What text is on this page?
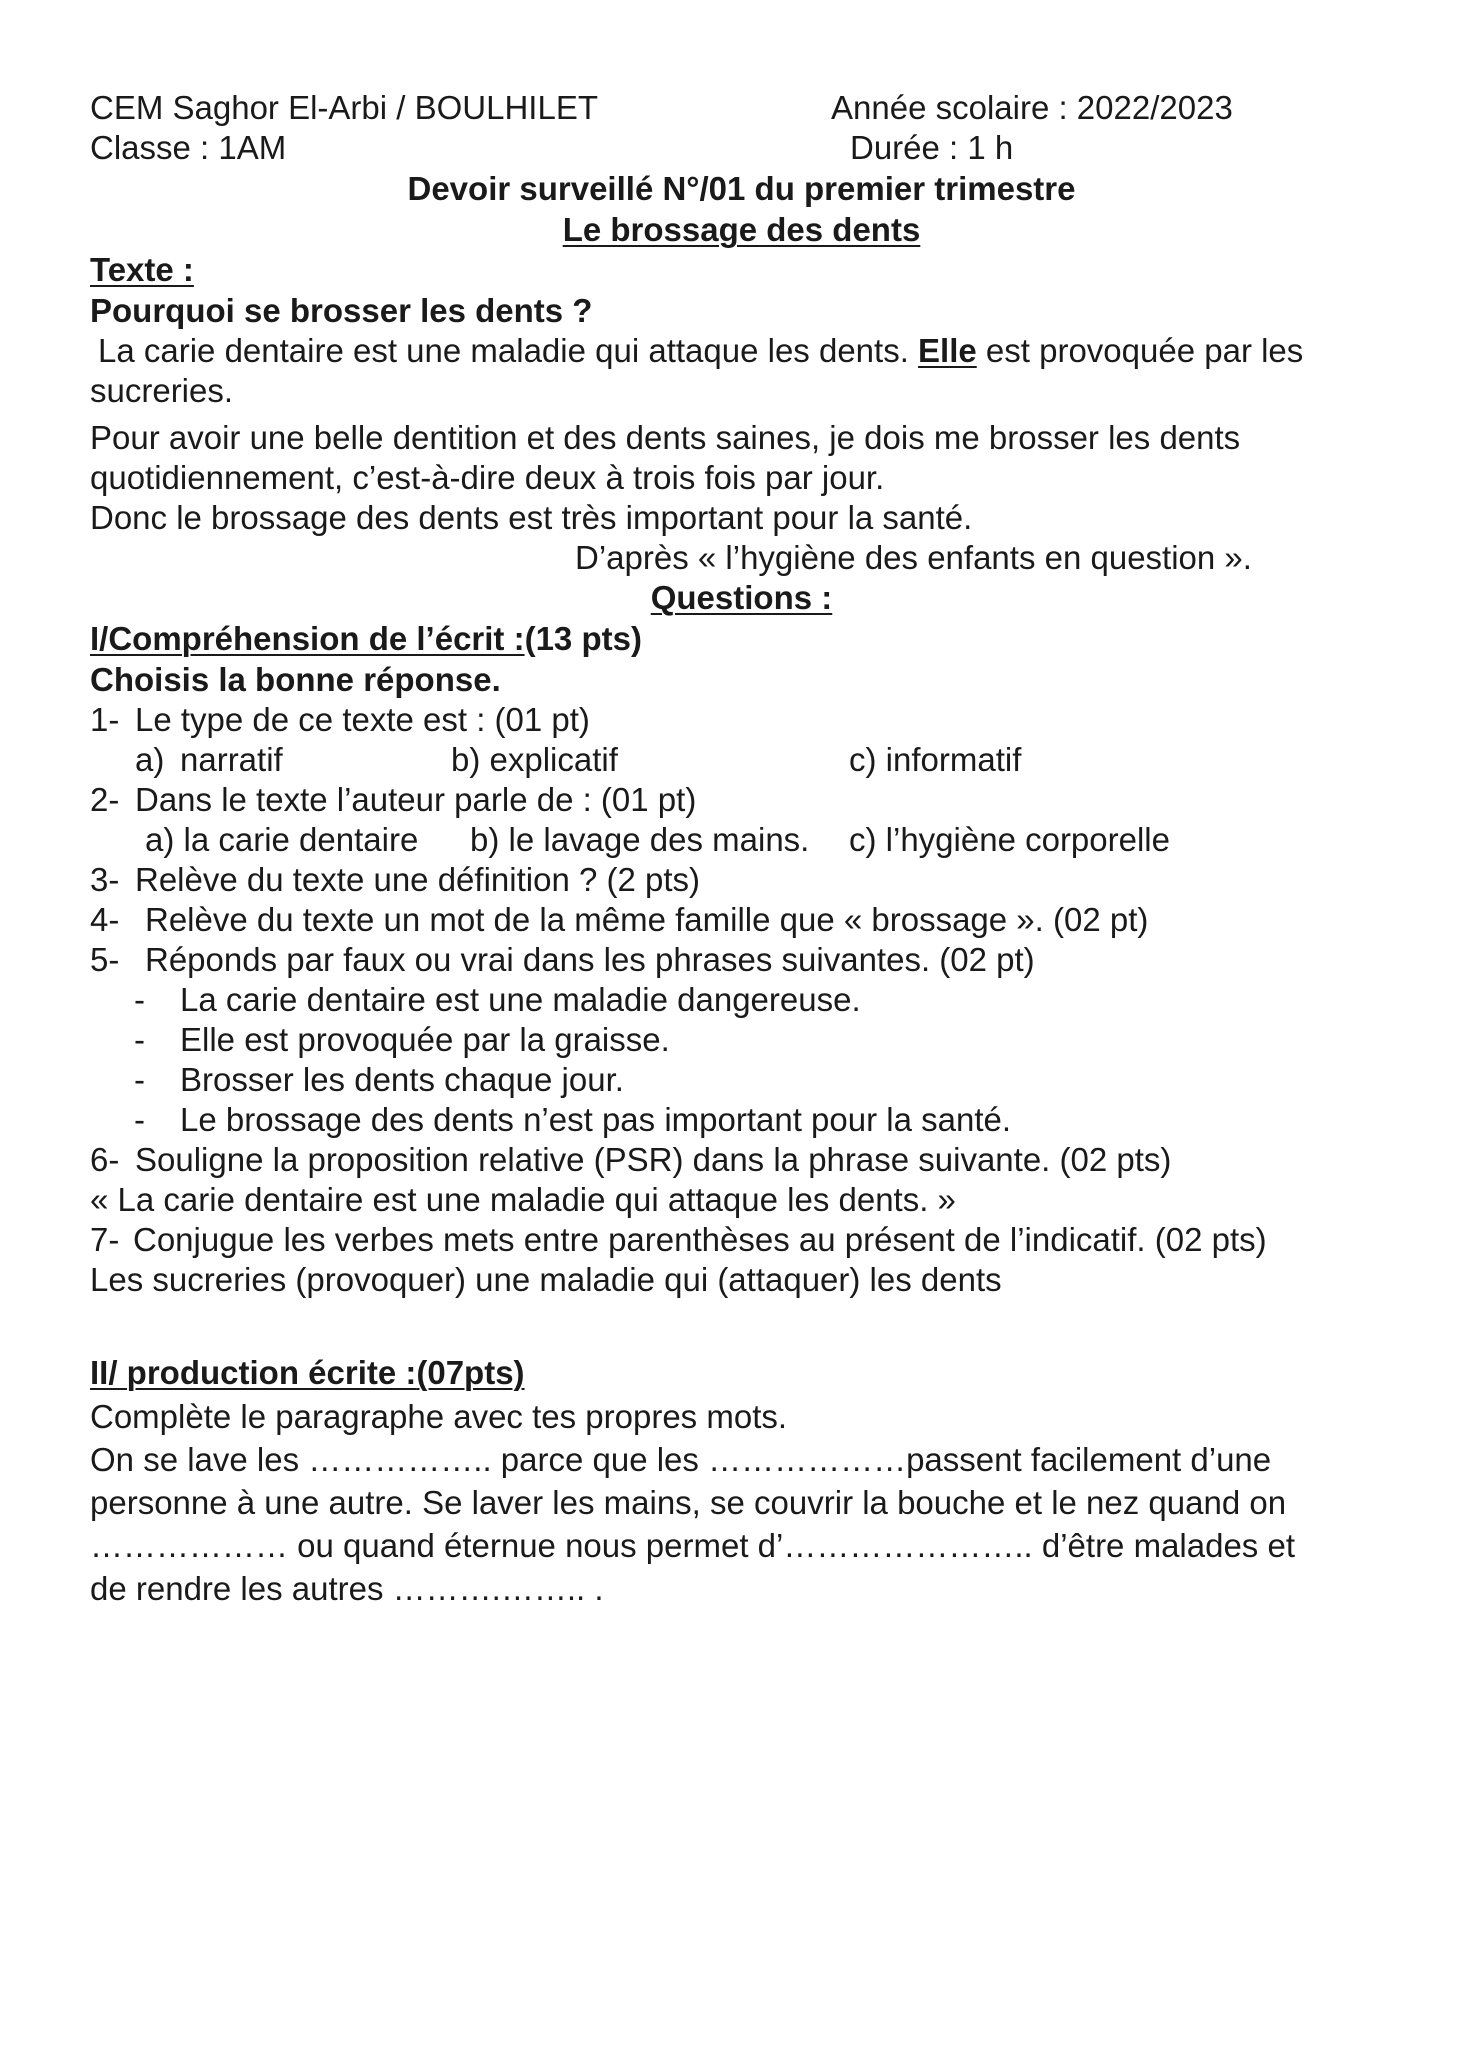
CEM Saghor El-Arbi / BOULHILET	Année scolaire : 2022/2023
Classe : 1AM	Durée : 1 h
Devoir surveillé N°/01 du premier trimestre
Le brossage des dents
Texte :
Pourquoi se brosser les dents ?
La carie dentaire est une maladie qui attaque les dents. Elle est provoquée par les
sucreries.
Pour avoir une belle dentition et des dents saines, je dois me brosser les dents
quotidiennement, c’est-à-dire deux à trois fois par jour.
Donc le brossage des dents est très important pour la santé.
D’après « l’hygiène des enfants en question ».
Questions :
I/Compréhension de l’écrit :(13 pts)
Choisis la bonne réponse.
1- Le type de ce texte est : (01 pt)
a) narratif	b) explicatif	c) informatif
2- Dans le texte l’auteur parle de : (01 pt)
a) la carie dentaire b) le lavage des mains. c) l’hygiène corporelle
3- Relève du texte une définition ? (2 pts)
4- Relève du texte un mot de la même famille que « brossage ». (02 pt)
5- Réponds par faux ou vrai dans les phrases suivantes. (02 pt)
- La carie dentaire est une maladie dangereuse.
- Elle est provoquée par la graisse.
- Brosser les dents chaque jour.
- Le brossage des dents n’est pas important pour la santé.
6- Souligne la proposition relative (PSR) dans la phrase suivante. (02 pts)
« La carie dentaire est une maladie qui attaque les dents. »
7- Conjugue les verbes mets entre parenthèses au présent de l’indicatif. (02 pts)
Les sucreries (provoquer) une maladie qui (attaquer) les dents
II/ production écrite :(07pts)
Complète le paragraphe avec tes propres mots.
On se lave les …………….. parce que les ………………passent facilement d’une
personne à une autre. Se laver les mains, se couvrir la bouche et le nez quand on
……………… ou quand éternue nous permet d’………………….. d’être malades et
de rendre les autres ……….…….. .
